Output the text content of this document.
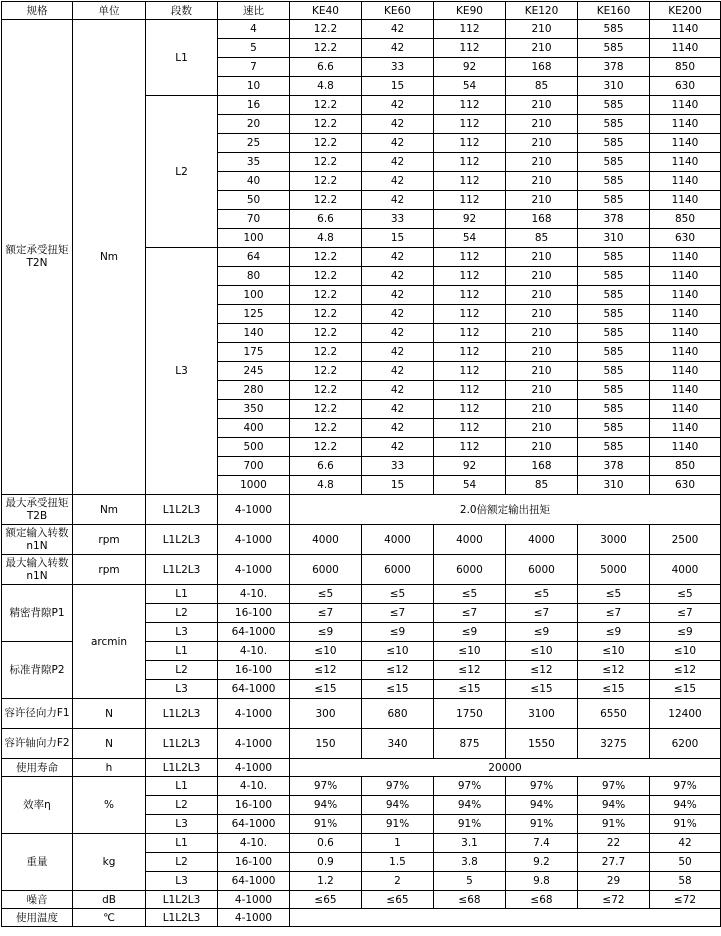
规格	单位	段数	速比	KE40	KE60	KE90	KE120	KE160	KE200
额定承受扭矩T2N	Nm	L1	4	12.2	42	112	210	585	1140
			5	12.2	42	112	210	585	1140
			7	6.6	33	92	168	378	850
			10	4.8	15	54	85	310	630
		L2	16	12.2	42	112	210	585	1140
			20	12.2	42	112	210	585	1140
			25	12.2	42	112	210	585	1140
			35	12.2	42	112	210	585	1140
			40	12.2	42	112	210	585	1140
			50	12.2	42	112	210	585	1140
			70	6.6	33	92	168	378	850
			100	4.8	15	54	85	310	630
		L3	64	12.2	42	112	210	585	1140
			80	12.2	42	112	210	585	1140
			100	12.2	42	112	210	585	1140
			125	12.2	42	112	210	585	1140
			140	12.2	42	112	210	585	1140
			175	12.2	42	112	210	585	1140
			245	12.2	42	112	210	585	1140
			280	12.2	42	112	210	585	1140
			350	12.2	42	112	210	585	1140
			400	12.2	42	112	210	585	1140
			500	12.2	42	112	210	585	1140
			700	6.6	33	92	168	378	850
			1000	4.8	15	54	85	310	630
最大承受扭矩T2B	Nm	L1L2L3	4-1000	2.0倍额定输出扭矩					
额定输入转数n1N	rpm	L1L2L3	4-1000	4000	4000	4000	4000	3000	2500
最大输入转数n1N	rpm	L1L2L3	4-1000	6000	6000	6000	6000	5000	4000
精密背隙P1	arcmin	L1	4-10.	≤5	≤5	≤5	≤5	≤5	≤5
		L2	16-100	≤7	≤7	≤7	≤7	≤7	≤7
		L3	64-1000	≤9	≤9	≤9	≤9	≤9	≤9
标准背隙P2		L1	4-10.	≤10	≤10	≤10	≤10	≤10	≤10
		L2	16-100	≤12	≤12	≤12	≤12	≤12	≤12
		L3	64-1000	≤15	≤15	≤15	≤15	≤15	≤15
容许径向力F1	N	L1L2L3	4-1000	300	680	1750	3100	6550	12400
容许轴向力F2	N	L1L2L3	4-1000	150	340	875	1550	3275	6200
使用寿命	h	L1L2L3	4-1000	20000					
效率η	%	L1	4-10.	97%	97%	97%	97%	97%	97%
		L2	16-100	94%	94%	94%	94%	94%	94%
		L3	64-1000	91%	91%	91%	91%	91%	91%
重量	kg	L1	4-10.	0.6	1	3.1	7.4	22	42
		L2	16-100	0.9	1.5	3.8	9.2	27.7	50
		L3	64-1000	1.2	2	5	9.8	29	58
噪音	dB	L1L2L3	4-1000	≤65	≤65	≤68	≤68	≤72	≤72
使用温度	℃	L1L2L3	4-1000						
